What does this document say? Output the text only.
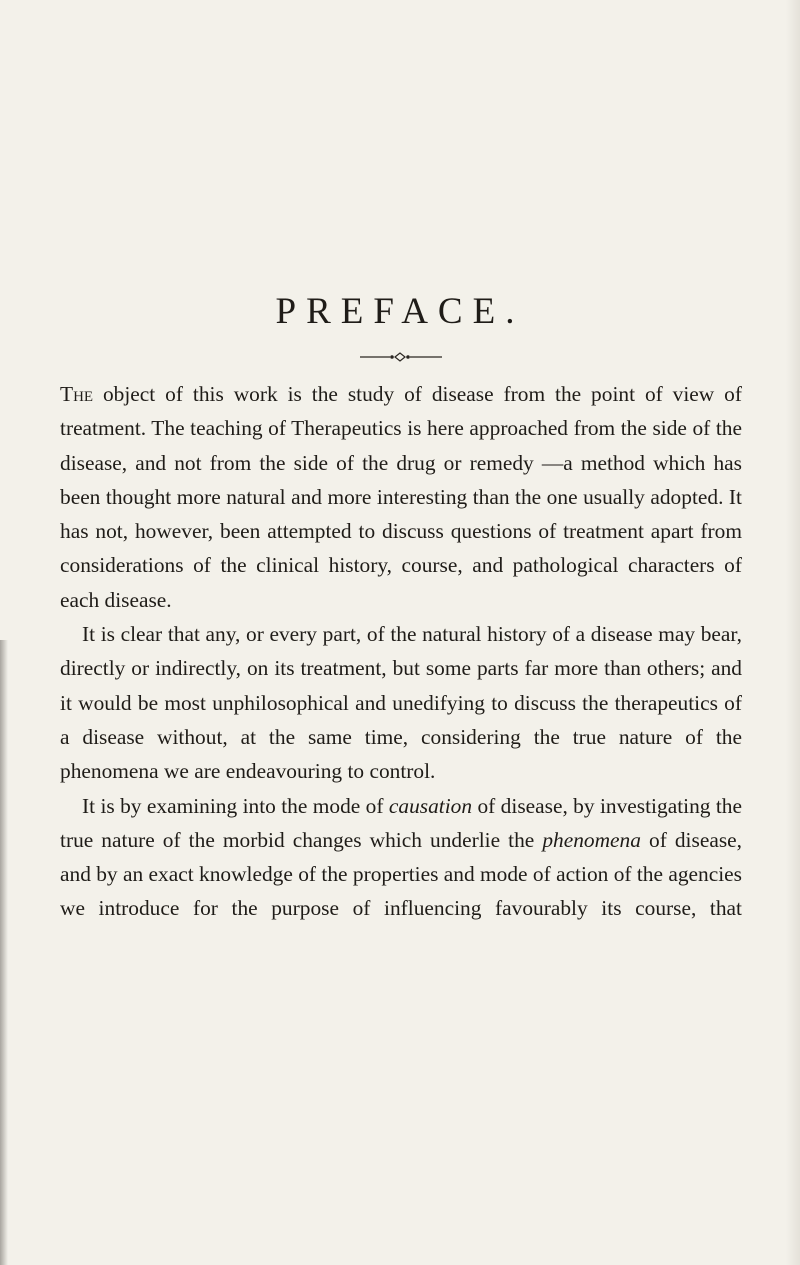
PREFACE.

The object of this work is the study of disease from the point of view of treatment. The teaching of Therapeutics is here approached from the side of the disease, and not from the side of the drug or remedy —a method which has been thought more natural and more interesting than the one usually adopted. It has not, however, been attempted to discuss questions of treatment apart from considerations of the clinical history, course, and pathological characters of each disease.

It is clear that any, or every part, of the natural history of a disease may bear, directly or indirectly, on its treatment, but some parts far more than others; and it would be most unphilosophical and unedifying to discuss the therapeutics of a disease without, at the same time, considering the true nature of the phenomena we are endeavouring to control.

It is by examining into the mode of causation of disease, by investigating the true nature of the morbid changes which underlie the phenomena of disease, and by an exact knowledge of the properties and mode of action of the agencies we introduce for the purpose of influencing favourably its course, that
